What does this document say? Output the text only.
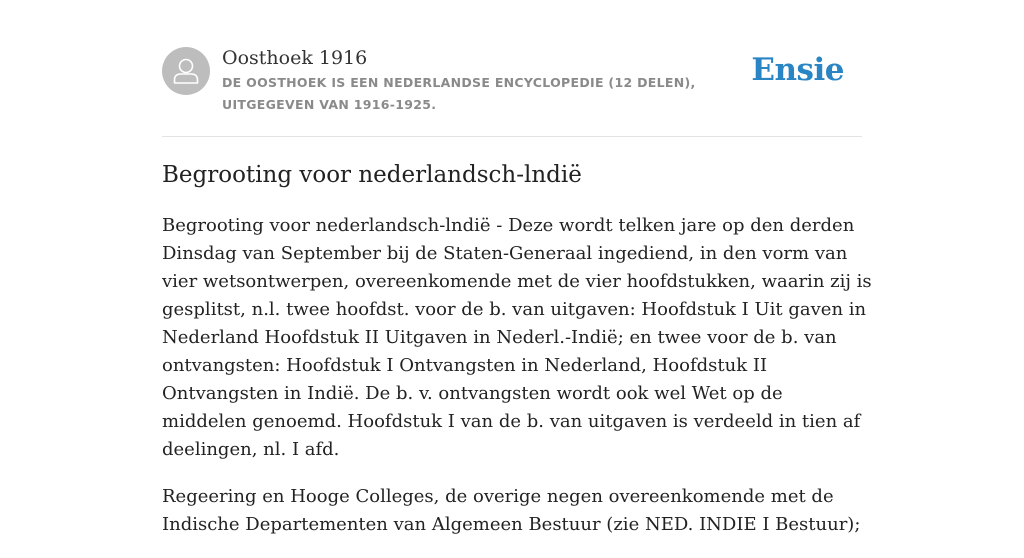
Oosthoek 1916

DE OOSTHOEK IS EEN NEDERLANDSE ENCYCLOPEDIE (12 DELEN), UITGEGEVEN VAN 1916-1925.

Ensie
Begrooting voor nederlandsch-lndië

Begrooting voor nederlandsch-lndië - Deze wordt telken jare op den derden Dinsdag van September bij de Staten-Generaal ingediend, in den vorm van vier wetsontwerpen, overeenkomende met de vier hoofdstukken, waarin zij is gesplitst, n.l. twee hoofdst. voor de b. van uitgaven: Hoofdstuk I Uit gaven in Nederland Hoofdstuk II Uitgaven in Nederl.-Indië; en twee voor de b. van ontvangsten: Hoofdstuk I Ontvangsten in Nederland, Hoofdstuk II Ontvangsten in Indië. De b. v. ontvangsten wordt ook wel Wet op de middelen genoemd. Hoofdstuk I van de b. van uitgaven is verdeeld in tien af deelingen, nl. I afd.

Regeering en Hooge Colleges, de overige negen overeenkomende met de Indische Departementen van Algemeen Bestuur (zie NED. INDIE I Bestuur);
